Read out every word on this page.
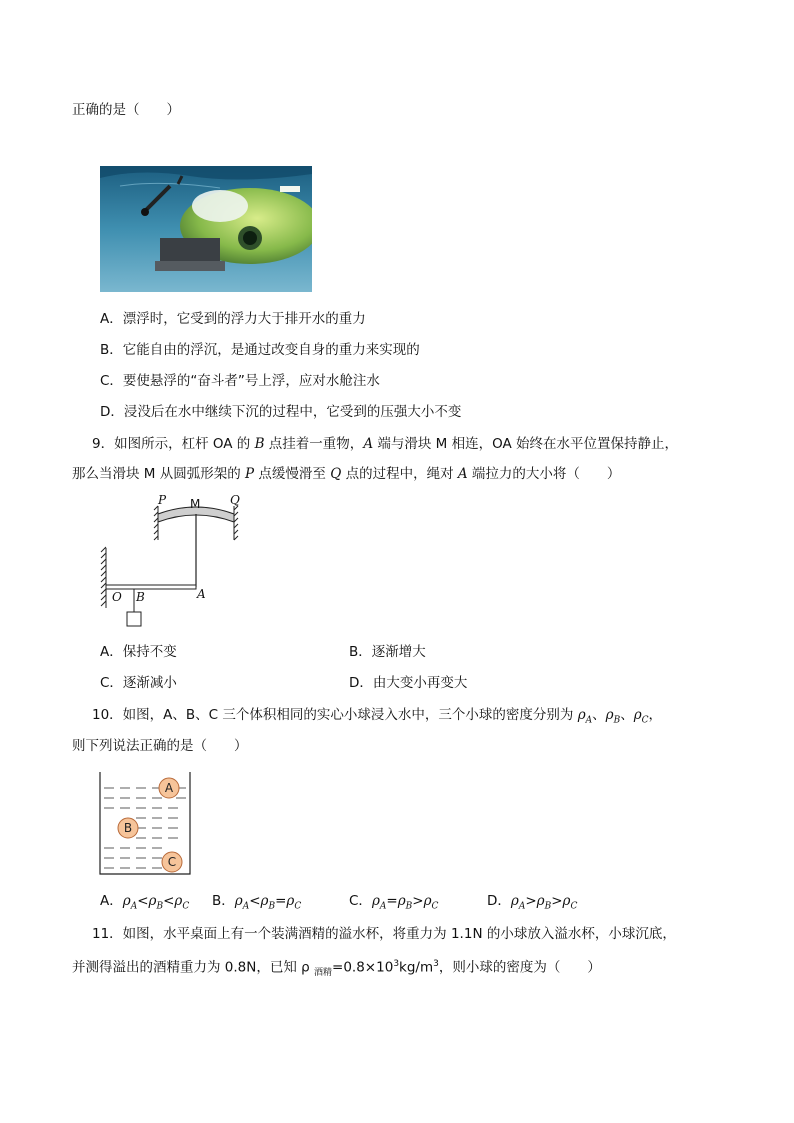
正确的是（　　）
A．漂浮时，它受到的浮力大于排开水的重力
B．它能自由的浮沉，是通过改变自身的重力来实现的
C．要使悬浮的“奋斗者”号上浮，应对水舱注水
D．浸没后在水中继续下沉的过程中，它受到的压强大小不变
9．如图所示，杠杆 OA 的 B 点挂着一重物，A 端与滑块 M 相连，OA 始终在水平位置保持静止，
那么当滑块 M 从圆弧形架的 P 点缓慢滑至 Q 点的过程中，绳对 A 端拉力的大小将（　　）
P	Q
O B	A
M
A．保持不变	B．逐渐增大
C．逐渐减小	D．由大变小再变大
10．如图，A、B、C 三个体积相同的实心小球浸入水中，三个小球的密度分别为 $\rho_A$、$\rho_B$、$\rho_C$，
则下列说法正确的是（　　）
A
B
C
A．$\rho_A<\rho_B<\rho_C$ B．$\rho_A<\rho_B=\rho_C$	C．$\rho_A=\rho_B>\rho_C$	D．$\rho_A>\rho_B>\rho_C$
11．如图，水平桌面上有一个装满酒精的溢水杯，将重力为 1.1N 的小球放入溢水杯，小球沉底，
并测得溢出的酒精重力为 0.8N，已知 ρ $_{酒精}=0.8\times 10^3kg/m^3$，则小球的密度为（　　）
